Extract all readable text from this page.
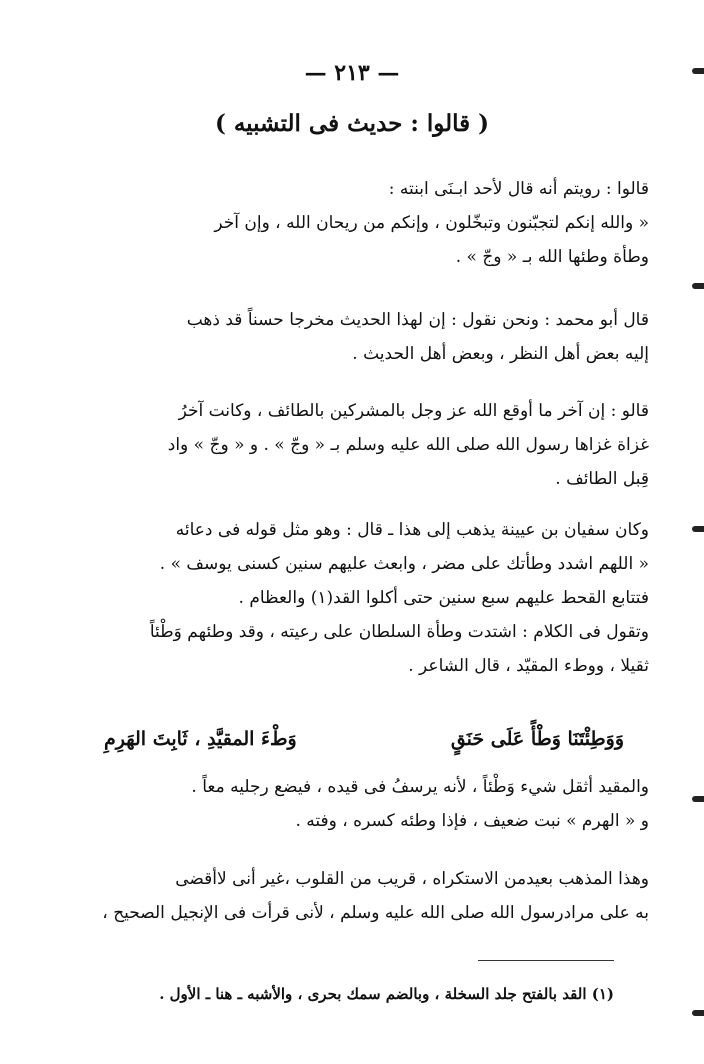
— ٢١٣ —
( قالوا : حديث فى التشبيه )

قالوا : رويتم أنه قال لأحد ابـنَى ابنته :

« والله إنكم لتجبّنون وتبخّلون ، وإنكم من ريحان الله ، وإن آخر

وطأة وطئها الله بـ « وجّ » .

قال أبو محمد : ونحن نقول : إن لهذا الحديث مخرجا حسناً قد ذهب

إليه بعض أهل النظر ، وبعض أهل الحديث .

قالو : إن آخر ما أوقع الله عز وجل بالمشركين بالطائف ، وكانت آخرُ

غزاة غزاها رسول الله صلى الله عليه وسلم بـ « وجّ » . و « وجّ » واد

قِبل الطائف .

وكان سفيان بن عيينة يذهب إلى هذا ـ قال : وهو مثل قوله فى دعائه

« اللهم اشدد وطأتك على مضر ، وابعث عليهم سنين كسنى يوسف » .

فتتابع القحط عليهم سبع سنين حتى أكلوا القد(١) والعظام .

وتقول فى الكلام : اشتدت وطأة السلطان على رعيته ، وقد وطئهم وَطْئاً

ثقيلا ، ووطء المقيّد ، قال الشاعر .

وَوَطِئْتَنَا وَطْأً عَلَى حَنَقٍ
وَطْءَ المقيَّدِ ، ثَابِتَ الهَرِمِ

والمقيد أثقل شيء وَطْئاً ، لأنه يرسفُ فى قيده ، فيضع رجليه معاً .

و « الهرم » نبت ضعيف ، فإذا وطئه كسره ، وفته .

وهذا المذهب بعيدمن الاستكراه ، قريب من القلوب ،غير أنى لاأقضى

به على مرادرسول الله صلى الله عليه وسلم ، لأنى قرأت فى الإنجيل الصحيح ،

(١) القد بالفتح جلد السخلة ، وبالضم سمك بحرى ، والأشبه ـ هنا ـ الأول .
